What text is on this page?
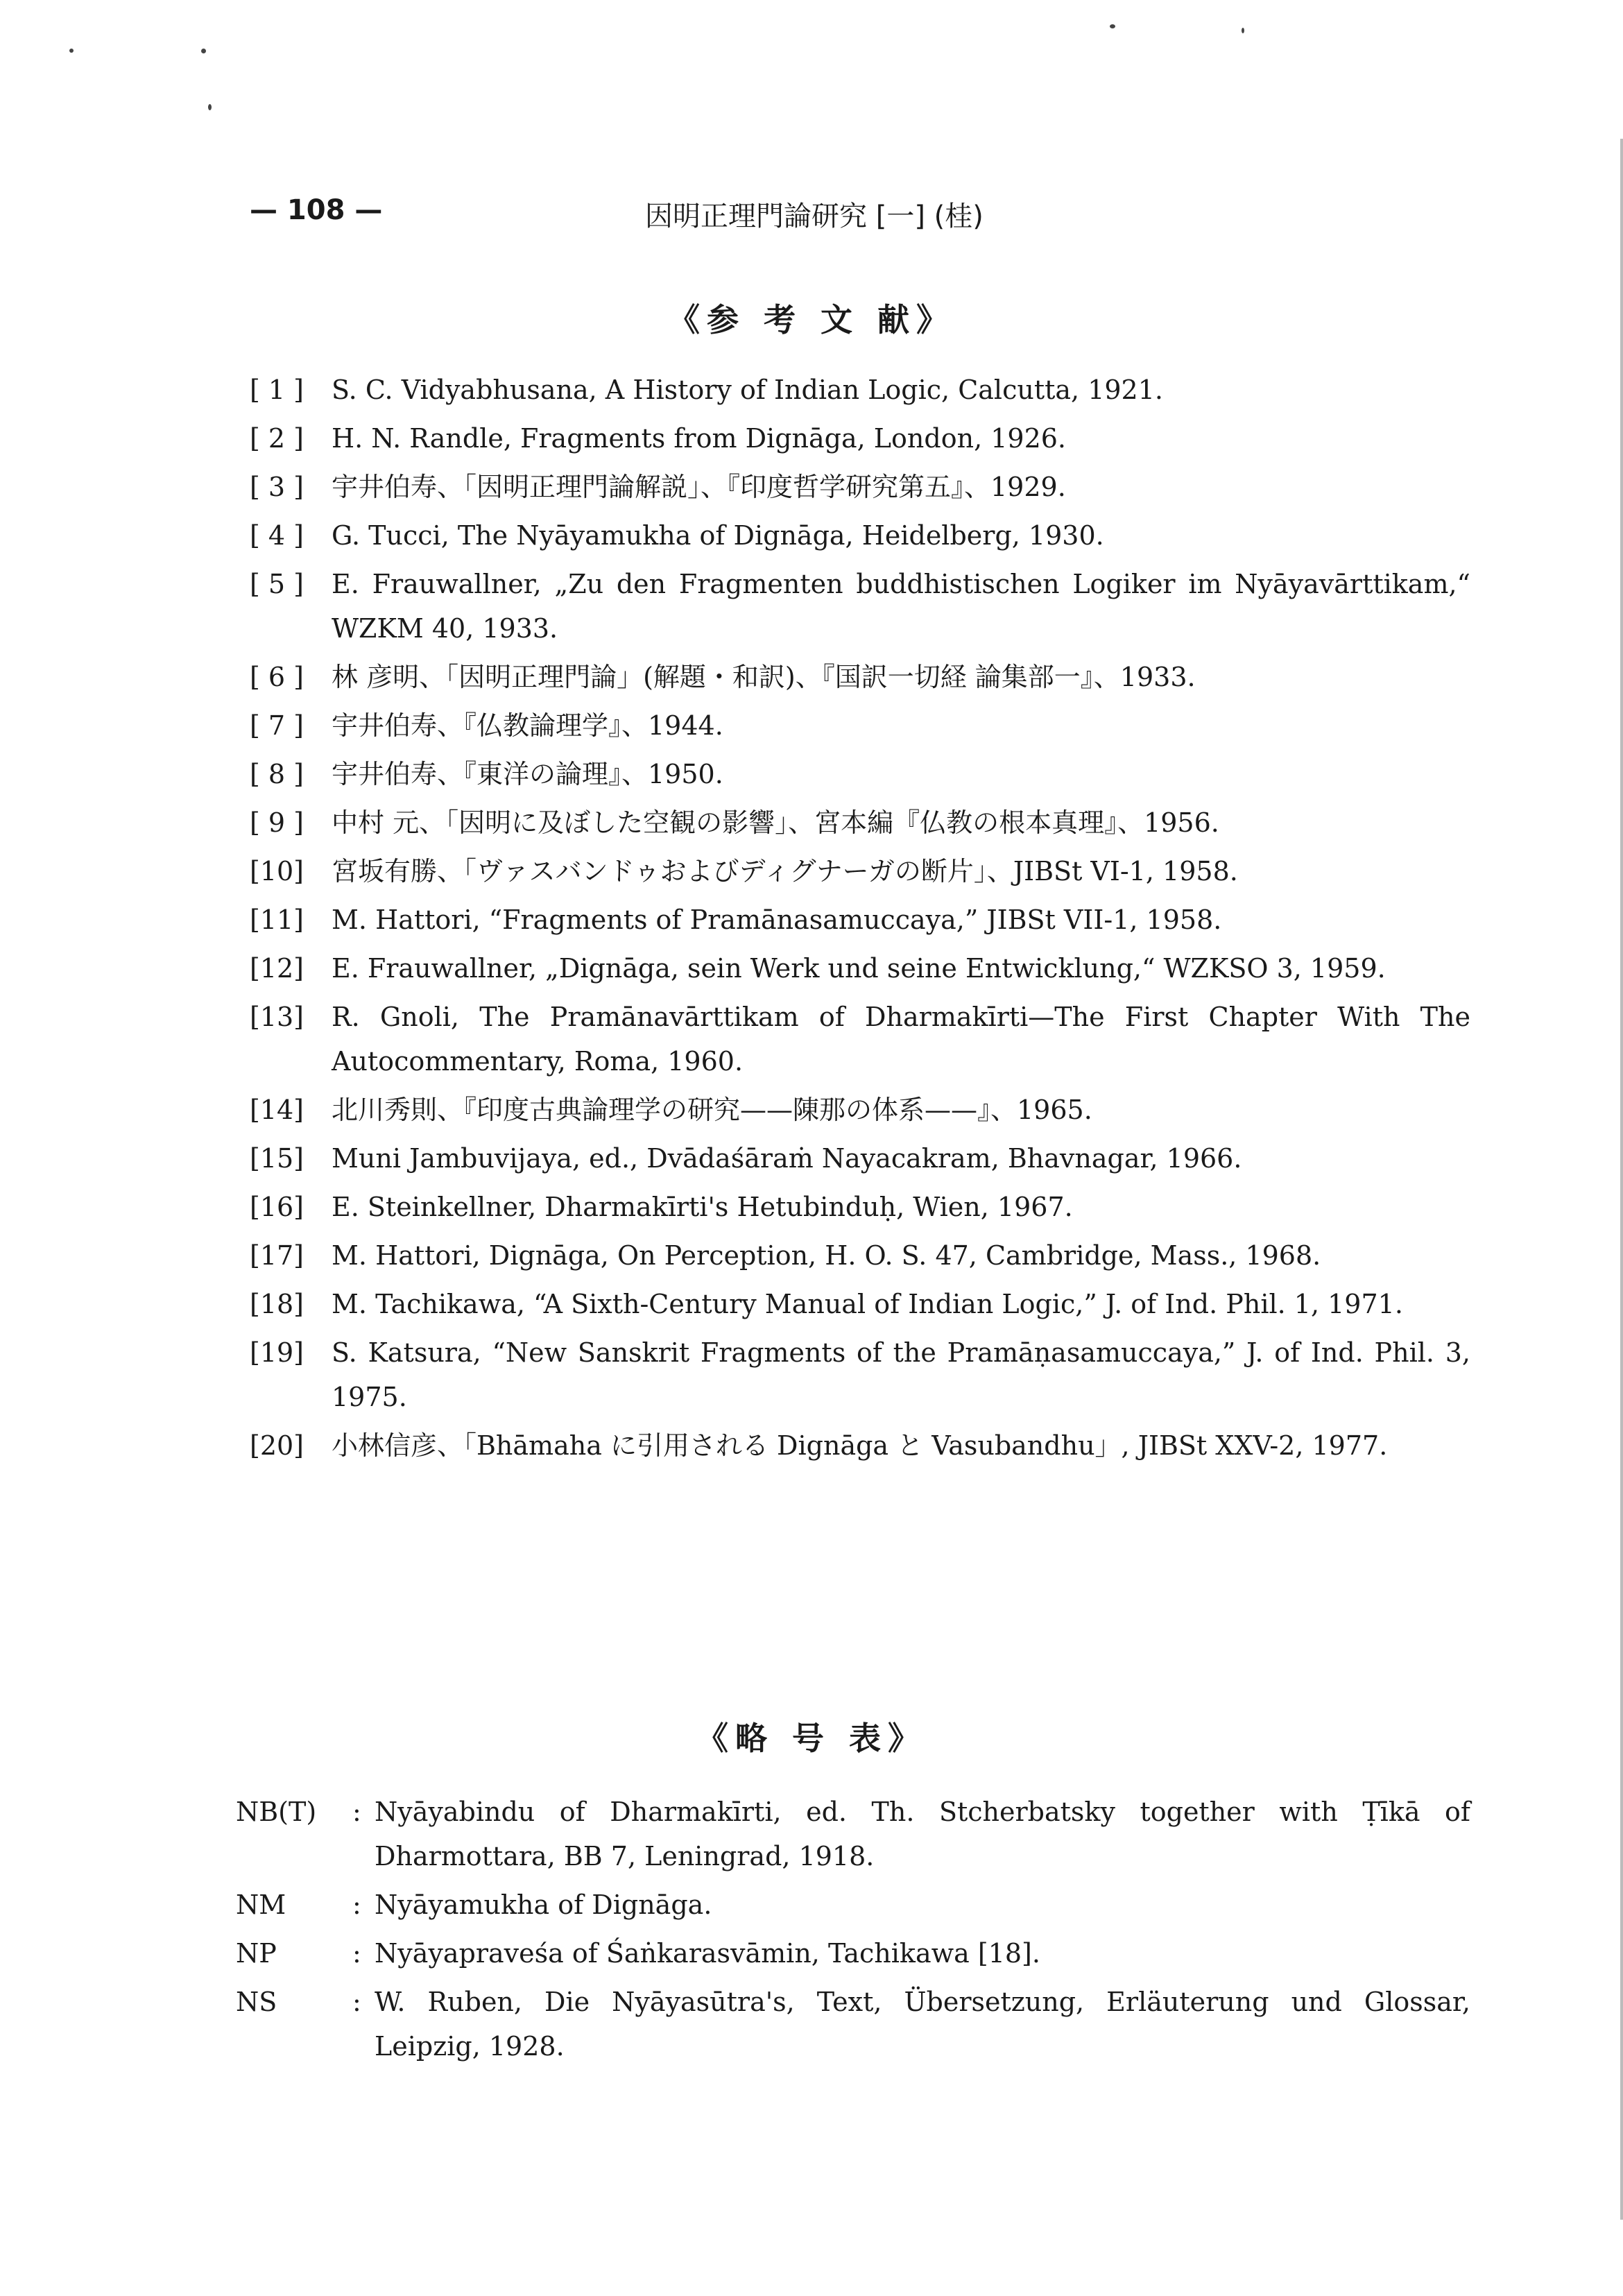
— 108 —	因明正理門論研究 [一] (桂)
《参 考 文 献》
[ 1 ]	S. C. Vidyabhusana, A History of Indian Logic, Calcutta, 1921.
[ 2 ]	H. N. Randle, Fragments from Dignāga, London, 1926.
[ 3 ]	宇井伯寿、「因明正理門論解説」、『印度哲学研究第五』、1929.
[ 4 ]	G. Tucci, The Nyāyamukha of Dignāga, Heidelberg, 1930.
[ 5 ]	E. Frauwallner, „Zu den Fragmenten buddhistischen Logiker im Nyāyavārttikam,“ WZKM 40, 1933.
[ 6 ]	林 彦明、「因明正理門論」(解題・和訳)、『国訳一切経 論集部一』、1933.
[ 7 ]	宇井伯寿、『仏教論理学』、1944.
[ 8 ]	宇井伯寿、『東洋の論理』、1950.
[ 9 ]	中村 元、「因明に及ぼした空観の影響」、宮本編『仏教の根本真理』、1956.
[10]	宮坂有勝、「ヴァスバンドゥおよびディグナーガの断片」、JIBSt VI-1, 1958.
[11]	M. Hattori, “Fragments of Pramānasamuccaya,” JIBSt VII-1, 1958.
[12]	E. Frauwallner, „Dignāga, sein Werk und seine Entwicklung,“ WZKSO 3, 1959.
[13]	R. Gnoli, The Pramānavārttikam of Dharmakīrti—The First Chapter With The Autocommentary, Roma, 1960.
[14]	北川秀則、『印度古典論理学の研究——陳那の体系——』、1965.
[15]	Muni Jambuvijaya, ed., Dvādaśāraṁ Nayacakram, Bhavnagar, 1966.
[16]	E. Steinkellner, Dharmakīrti's Hetubinduḥ, Wien, 1967.
[17]	M. Hattori, Dignāga, On Perception, H. O. S. 47, Cambridge, Mass., 1968.
[18]	M. Tachikawa, “A Sixth-Century Manual of Indian Logic,” J. of Ind. Phil. 1, 1971.
[19]	S. Katsura, “New Sanskrit Fragments of the Pramāṇasamuccaya,” J. of Ind. Phil. 3, 1975.
[20]	小林信彦、「Bhāmaha に引用される Dignāga と Vasubandhu」, JIBSt XXV-2, 1977.
《略 号 表》
NB(T)	: Nyāyabindu of Dharmakīrti, ed. Th. Stcherbatsky together with Ṭīkā of Dharmottara, BB 7, Leningrad, 1918.
NM	: Nyāyamukha of Dignāga.
NP	: Nyāyapraveśa of Śaṅkarasvāmin, Tachikawa [18].
NS	: W. Ruben, Die Nyāyasūtra's, Text, Übersetzung, Erläuterung und Glossar, Leipzig, 1928.
